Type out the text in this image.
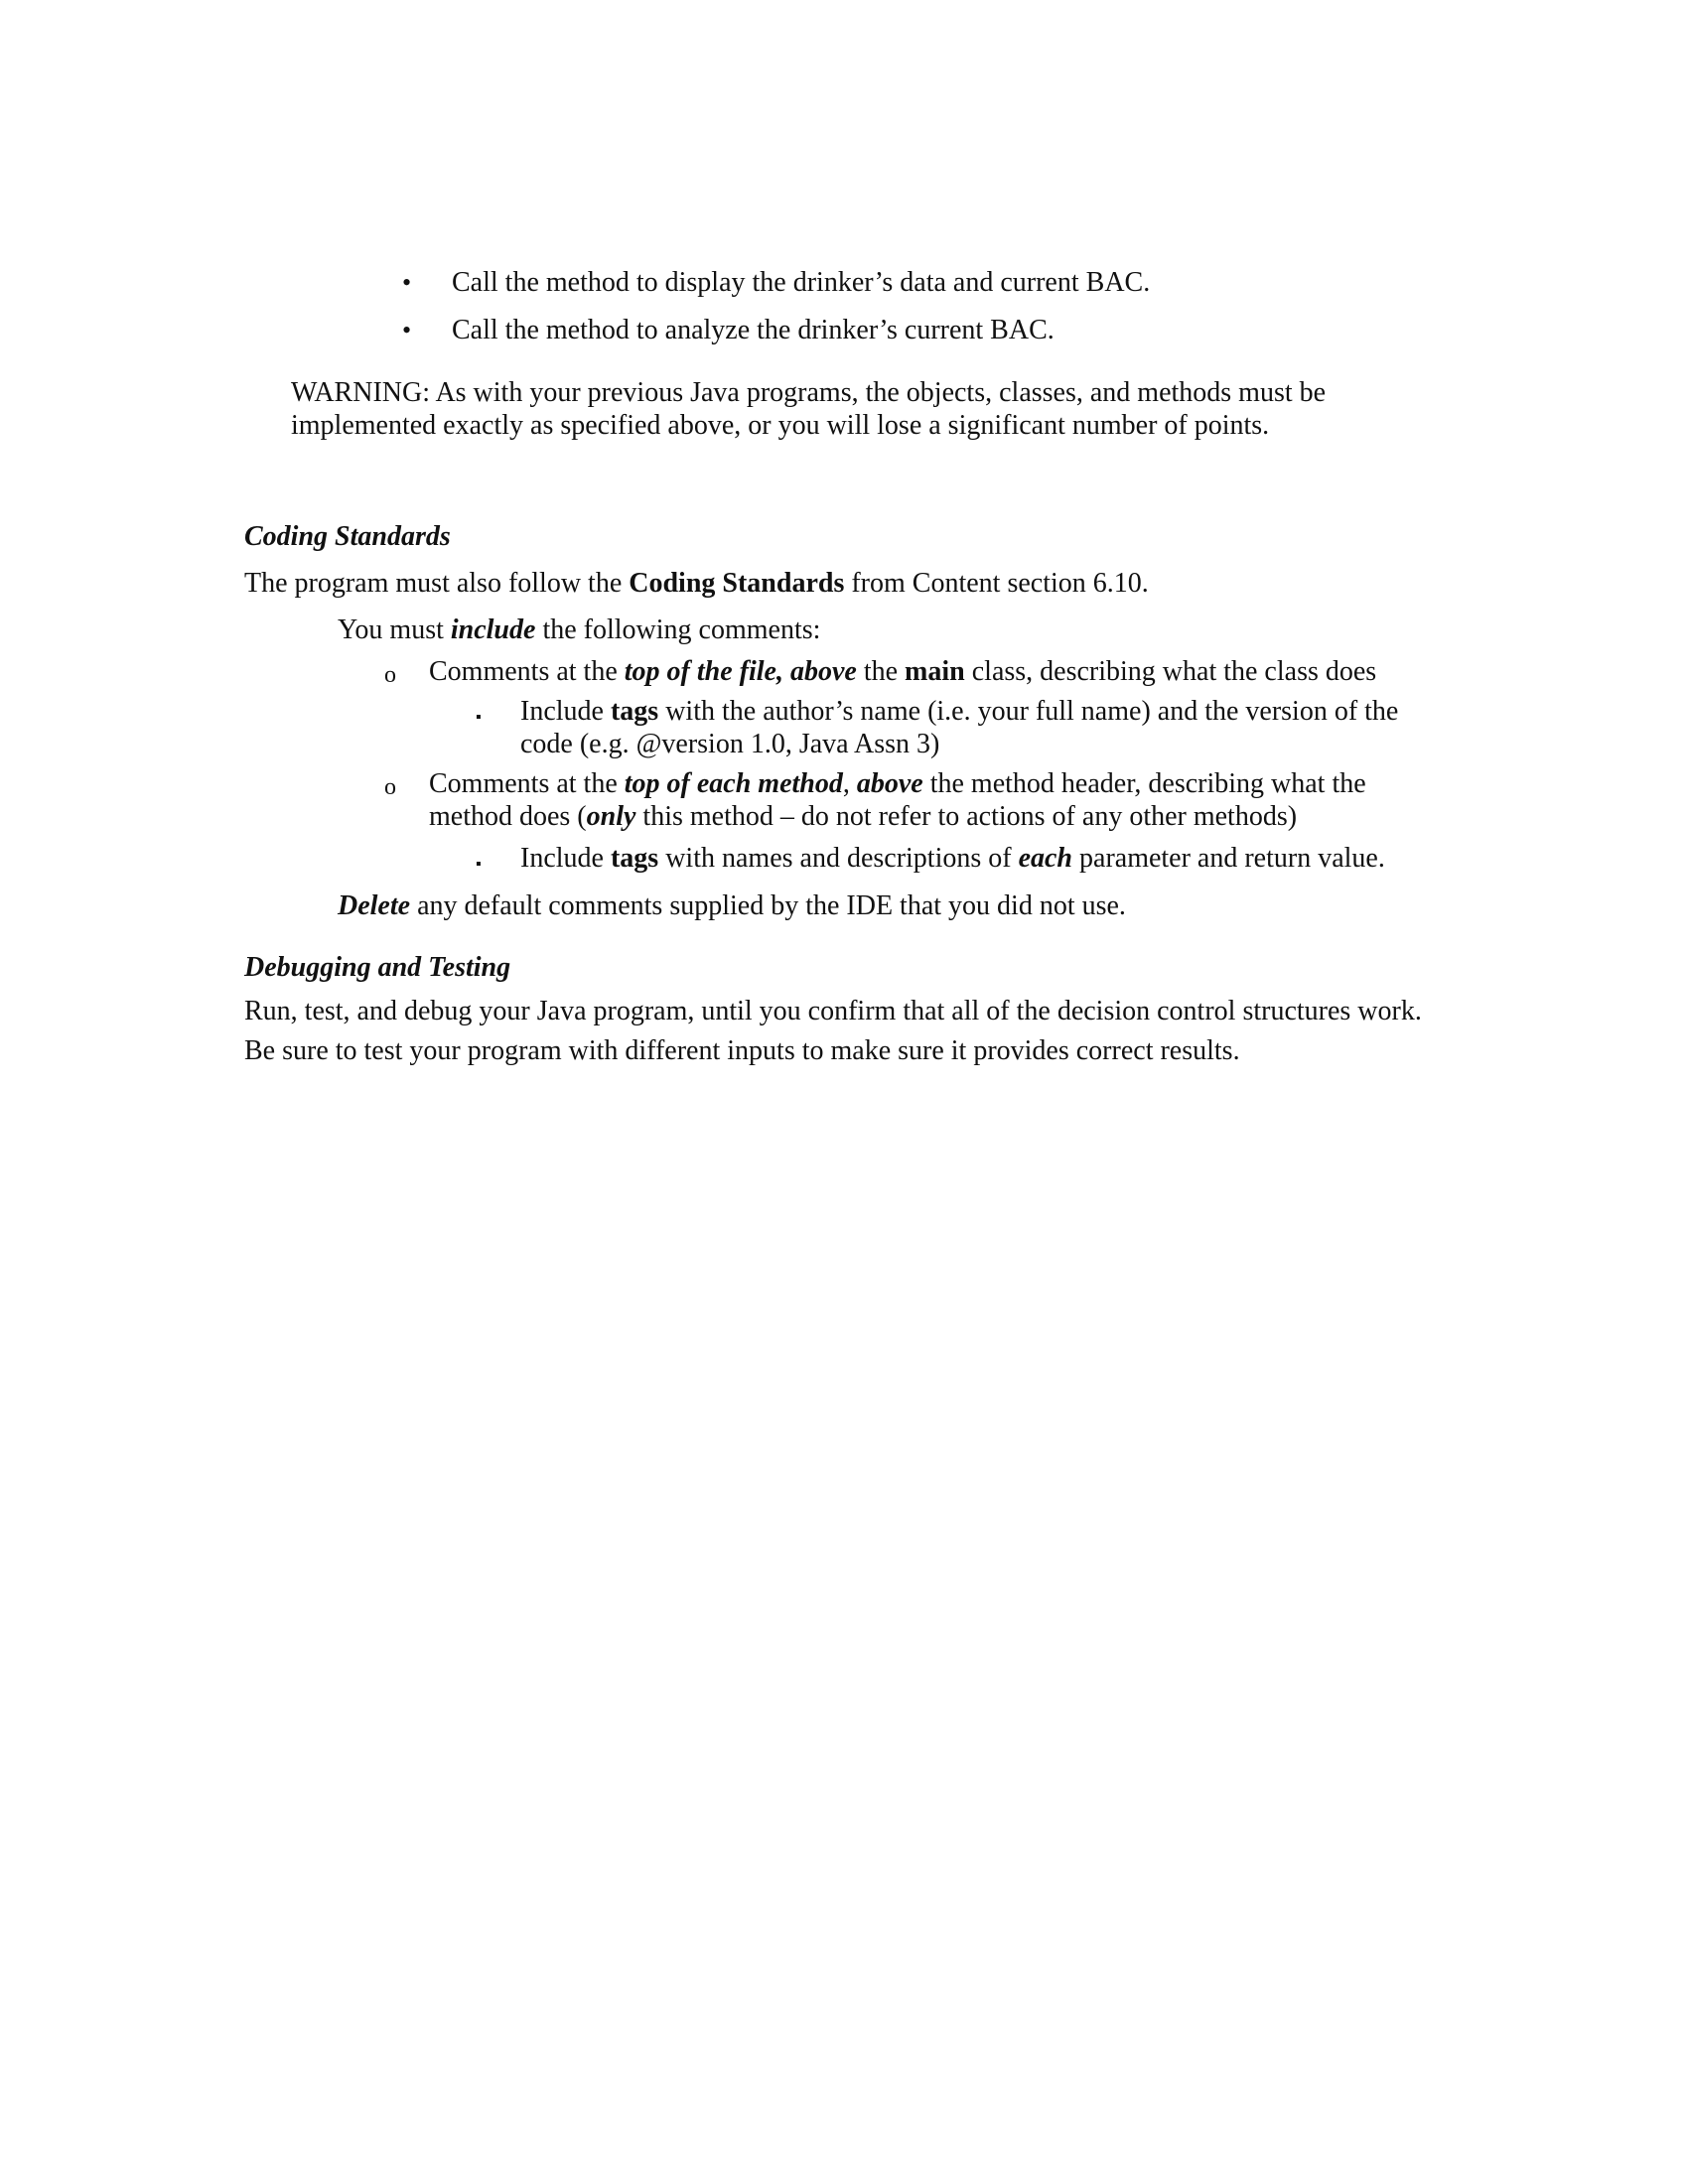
• Call the method to display the drinker’s data and current BAC.
• Call the method to analyze the drinker’s current BAC.
WARNING: As with your previous Java programs, the objects, classes, and methods must be
implemented exactly as specified above, or you will lose a significant number of points.
Coding Standards
The program must also follow the Coding Standards from Content section 6.10.
You must include the following comments:
o Comments at the top of the file, above the main class, describing what the class does
▪ Include tags with the author’s name (i.e. your full name) and the version of the
code (e.g. @version 1.0, Java Assn 3)
o Comments at the top of each method, above the method header, describing what the
method does (only this method – do not refer to actions of any other methods)
▪ Include tags with names and descriptions of each parameter and return value.
Delete any default comments supplied by the IDE that you did not use.
Debugging and Testing
Run, test, and debug your Java program, until you confirm that all of the decision control structures work.
Be sure to test your program with different inputs to make sure it provides correct results.
